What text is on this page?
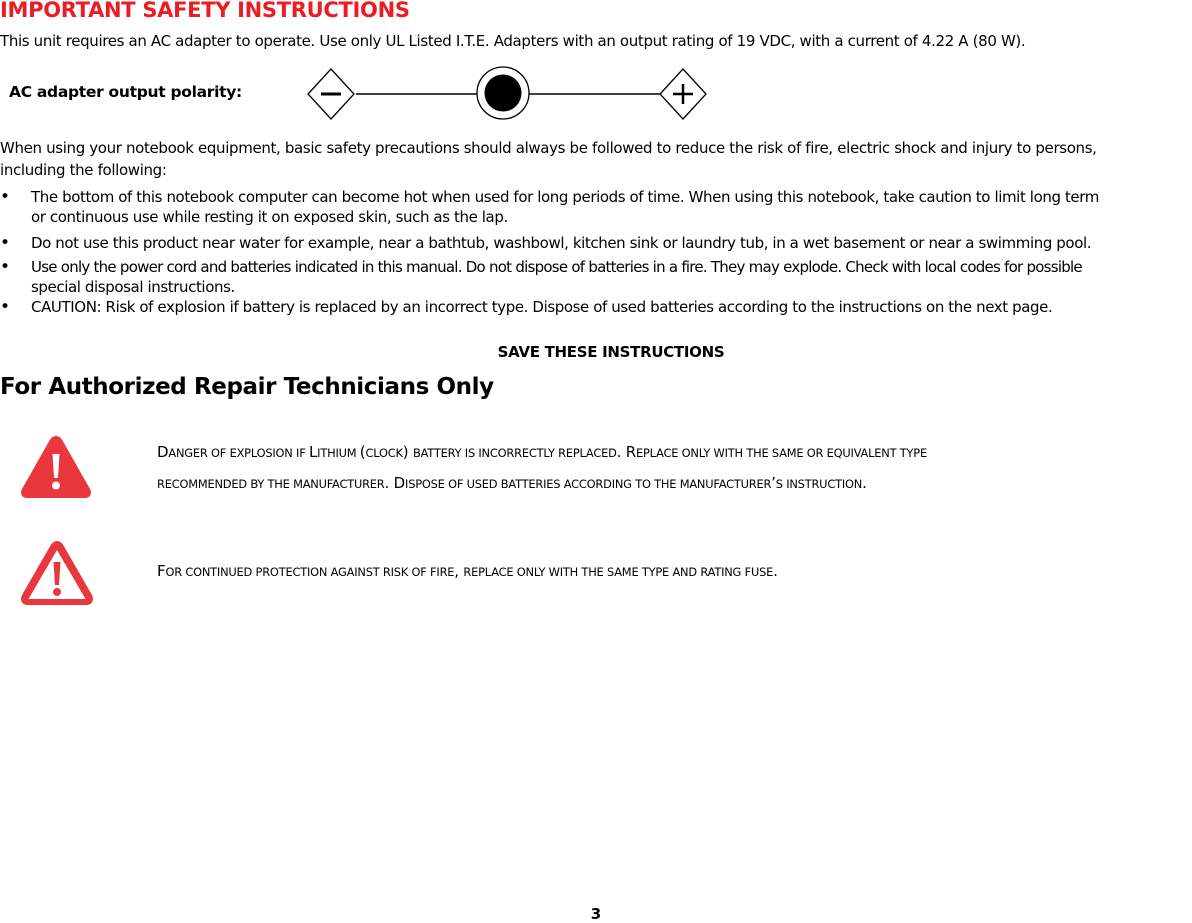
IMPORTANT SAFETY INSTRUCTIONS
This unit requires an AC adapter to operate. Use only UL Listed I.T.E. Adapters with an output rating of 19 VDC, with a current of 4.22 A (80 W).
AC adapter output polarity:
When using your notebook equipment, basic safety precautions should always be followed to reduce the risk of fire, electric shock and injury to persons,
including the following:
• The bottom of this notebook computer can become hot when used for long periods of time. When using this notebook, take caution to limit long term
or continuous use while resting it on exposed skin, such as the lap.
• Do not use this product near water for example, near a bathtub, washbowl, kitchen sink or laundry tub, in a wet basement or near a swimming pool.
• Use only the power cord and batteries indicated in this manual. Do not dispose of batteries in a fire. They may explode. Check with local codes for possible
special disposal instructions.
• CAUTION: Risk of explosion if battery is replaced by an incorrect type. Dispose of used batteries according to the instructions on the next page.
SAVE THESE INSTRUCTIONS
For Authorized Repair Technicians Only
DANGER OF EXPLOSION IF LITHIUM (CLOCK) BATTERY IS INCORRECTLY REPLACED. REPLACE ONLY WITH THE SAME OR EQUIVALENT TYPE
RECOMMENDED BY THE MANUFACTURER. DISPOSE OF USED BATTERIES ACCORDING TO THE MANUFACTURER’S INSTRUCTION.
FOR CONTINUED PROTECTION AGAINST RISK OF FIRE, REPLACE ONLY WITH THE SAME TYPE AND RATING FUSE.
3
